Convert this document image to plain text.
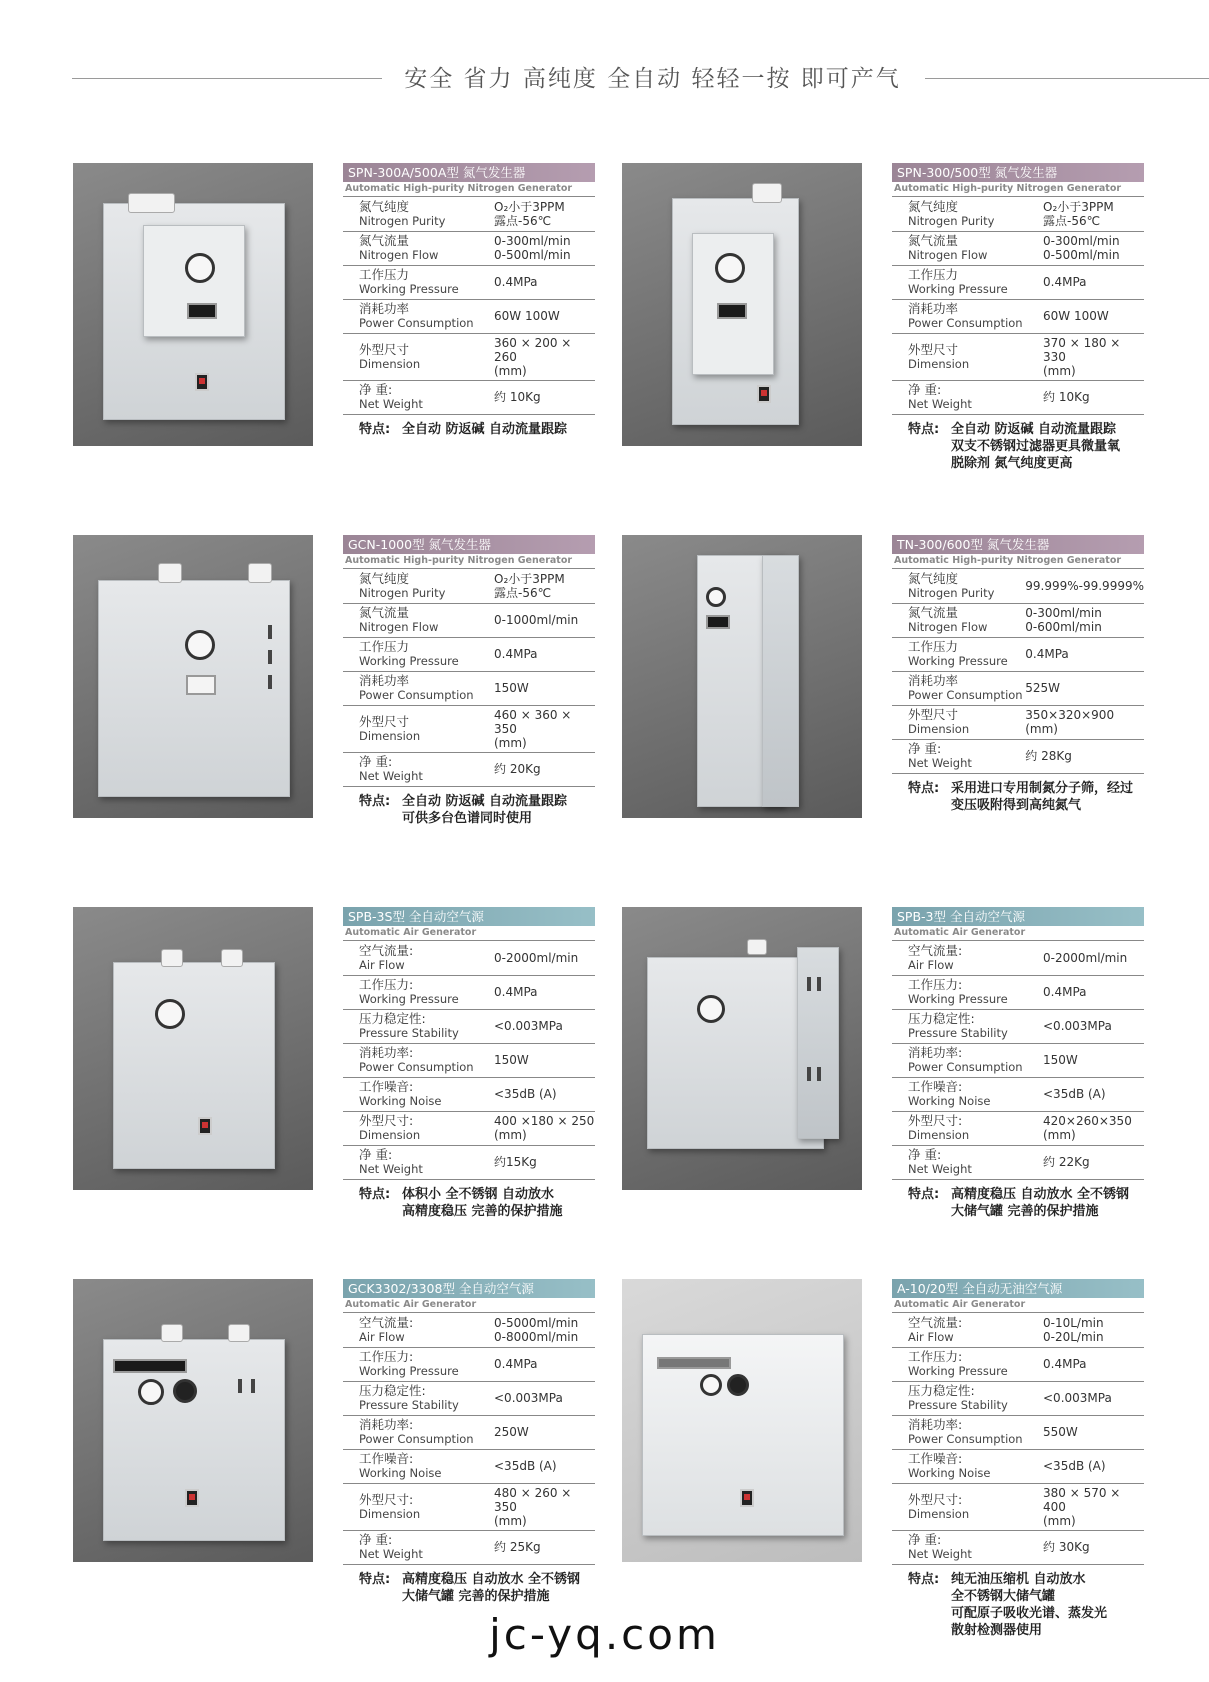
安全 省力 高纯度 全自动 轻轻一按 即可产气
SPN-300A/500A型 氮气发生器
Automatic High-purity Nitrogen Generator
氮气纯度
Nitrogen Purity	O₂小于3PPM
露点-56℃
氮气流量
Nitrogen Flow	0-300ml/min
0-500ml/min
工作压力
Working Pressure	0.4MPa
消耗功率
Power Consumption	60W 100W
外型尺寸
Dimension	360 × 200 × 260
(mm)
净 重:
Net Weight	约 10Kg
特点: 全自动 防返碱 自动流量跟踪
SPN-300/500型 氮气发生器
Automatic High-purity Nitrogen Generator
氮气纯度
Nitrogen Purity	O₂小于3PPM
露点-56℃
氮气流量
Nitrogen Flow	0-300ml/min
0-500ml/min
工作压力
Working Pressure	0.4MPa
消耗功率
Power Consumption	60W 100W
外型尺寸
Dimension	370 × 180 × 330
(mm)
净 重:
Net Weight	约 10Kg
特点: 全自动 防返碱 自动流量跟踪
双支不锈钢过滤器更具微量氧
脱除剂 氮气纯度更高
GCN-1000型 氮气发生器
Automatic High-purity Nitrogen Generator
氮气纯度
Nitrogen Purity	O₂小于3PPM
露点-56℃
氮气流量
Nitrogen Flow	0-1000ml/min
工作压力
Working Pressure	0.4MPa
消耗功率
Power Consumption	150W
外型尺寸
Dimension	460 × 360 × 350
(mm)
净 重:
Net Weight	约 20Kg
特点: 全自动 防返碱 自动流量跟踪
可供多台色谱同时使用
TN-300/600型 氮气发生器
Automatic High-purity Nitrogen Generator
氮气纯度
Nitrogen Purity	99.999%-99.9999%
氮气流量
Nitrogen Flow	0-300ml/min
0-600ml/min
工作压力
Working Pressure	0.4MPa
消耗功率
Power Consumption	525W
外型尺寸
Dimension	350×320×900
(mm)
净 重:
Net Weight	约 28Kg
特点: 采用进口专用制氮分子筛，经过
变压吸附得到高纯氮气
SPB-3S型 全自动空气源
Automatic Air Generator
空气流量:
Air Flow	0-2000ml/min
工作压力:
Working Pressure	0.4MPa
压力稳定性:
Pressure Stability	<0.003MPa
消耗功率:
Power Consumption	150W
工作噪音:
Working Noise	<35dB (A)
外型尺寸:
Dimension	400 ×180 × 250
(mm)
净 重:
Net Weight	约15Kg
特点: 体积小 全不锈钢 自动放水
高精度稳压 完善的保护措施
SPB-3型 全自动空气源
Automatic Air Generator
空气流量:
Air Flow	0-2000ml/min
工作压力:
Working Pressure	0.4MPa
压力稳定性:
Pressure Stability	<0.003MPa
消耗功率:
Power Consumption	150W
工作噪音:
Working Noise	<35dB (A)
外型尺寸:
Dimension	420×260×350
(mm)
净 重:
Net Weight	约 22Kg
特点: 高精度稳压 自动放水 全不锈钢
大储气罐 完善的保护措施
GCK3302/3308型 全自动空气源
Automatic Air Generator
空气流量:
Air Flow	0-5000ml/min
0-8000ml/min
工作压力:
Working Pressure	0.4MPa
压力稳定性:
Pressure Stability	<0.003MPa
消耗功率:
Power Consumption	250W
工作噪音:
Working Noise	<35dB (A)
外型尺寸:
Dimension	480 × 260 × 350
(mm)
净 重:
Net Weight	约 25Kg
特点: 高精度稳压 自动放水 全不锈钢
大储气罐 完善的保护措施
A-10/20型 全自动无油空气源
Automatic Air Generator
空气流量:
Air Flow	0-10L/min
0-20L/min
工作压力:
Working Pressure	0.4MPa
压力稳定性:
Pressure Stability	<0.003MPa
消耗功率:
Power Consumption	550W
工作噪音:
Working Noise	<35dB (A)
外型尺寸:
Dimension	380 × 570 × 400
(mm)
净 重:
Net Weight	约 30Kg
特点: 纯无油压缩机 自动放水
全不锈钢大储气罐
可配原子吸收光谱、蒸发光
散射检测器使用
jc-yq.com
